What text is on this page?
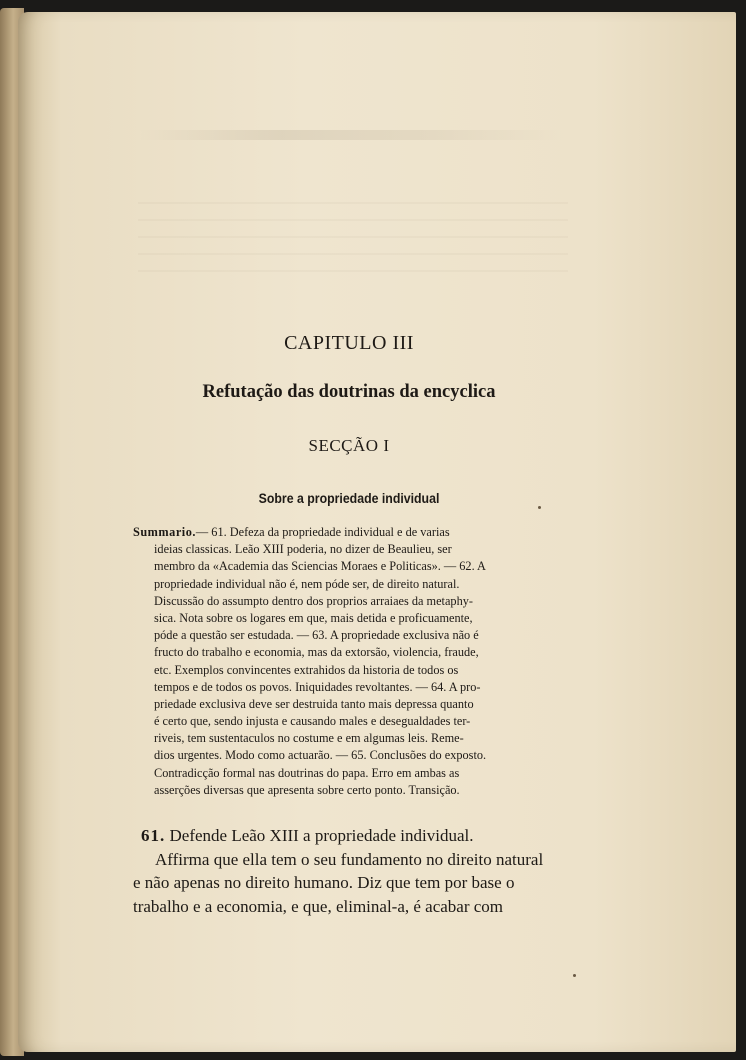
CAPITULO III

Refutação das doutrinas da encyclica

SECÇÃO I

Sobre a propriedade individual

Summario.— 61. Defeza da propriedade individual e de varias
ideias classicas. Leão XIII poderia, no dizer de Beaulieu, ser
membro da «Academia das Sciencias Moraes e Politicas». — 62. A
propriedade individual não é, nem póde ser, de direito natural.
Discussão do assumpto dentro dos proprios arraiaes da metaphy-
sica. Nota sobre os logares em que, mais detida e proficuamente,
póde a questão ser estudada. — 63. A propriedade exclusiva não é
fructo do trabalho e economia, mas da extorsão, violencia, fraude,
etc. Exemplos convincentes extrahidos da historia de todos os
tempos e de todos os povos. Iniquidades revoltantes. — 64. A pro-
priedade exclusiva deve ser destruida tanto mais depressa quanto
é certo que, sendo injusta e causando males e desegualdades ter-
riveis, tem sustentaculos no costume e em algumas leis. Reme-
dios urgentes. Modo como actuarão. — 65. Conclusões do exposto.
Contradicção formal nas doutrinas do papa. Erro em ambas as
asserções diversas que apresenta sobre certo ponto. Transição.
61. Defende Leão XIII a propriedade individual.
Affirma que ella tem o seu fundamento no direito natural
e não apenas no direito humano. Diz que tem por base o
trabalho e a economia, e que, eliminal-a, é acabar com
